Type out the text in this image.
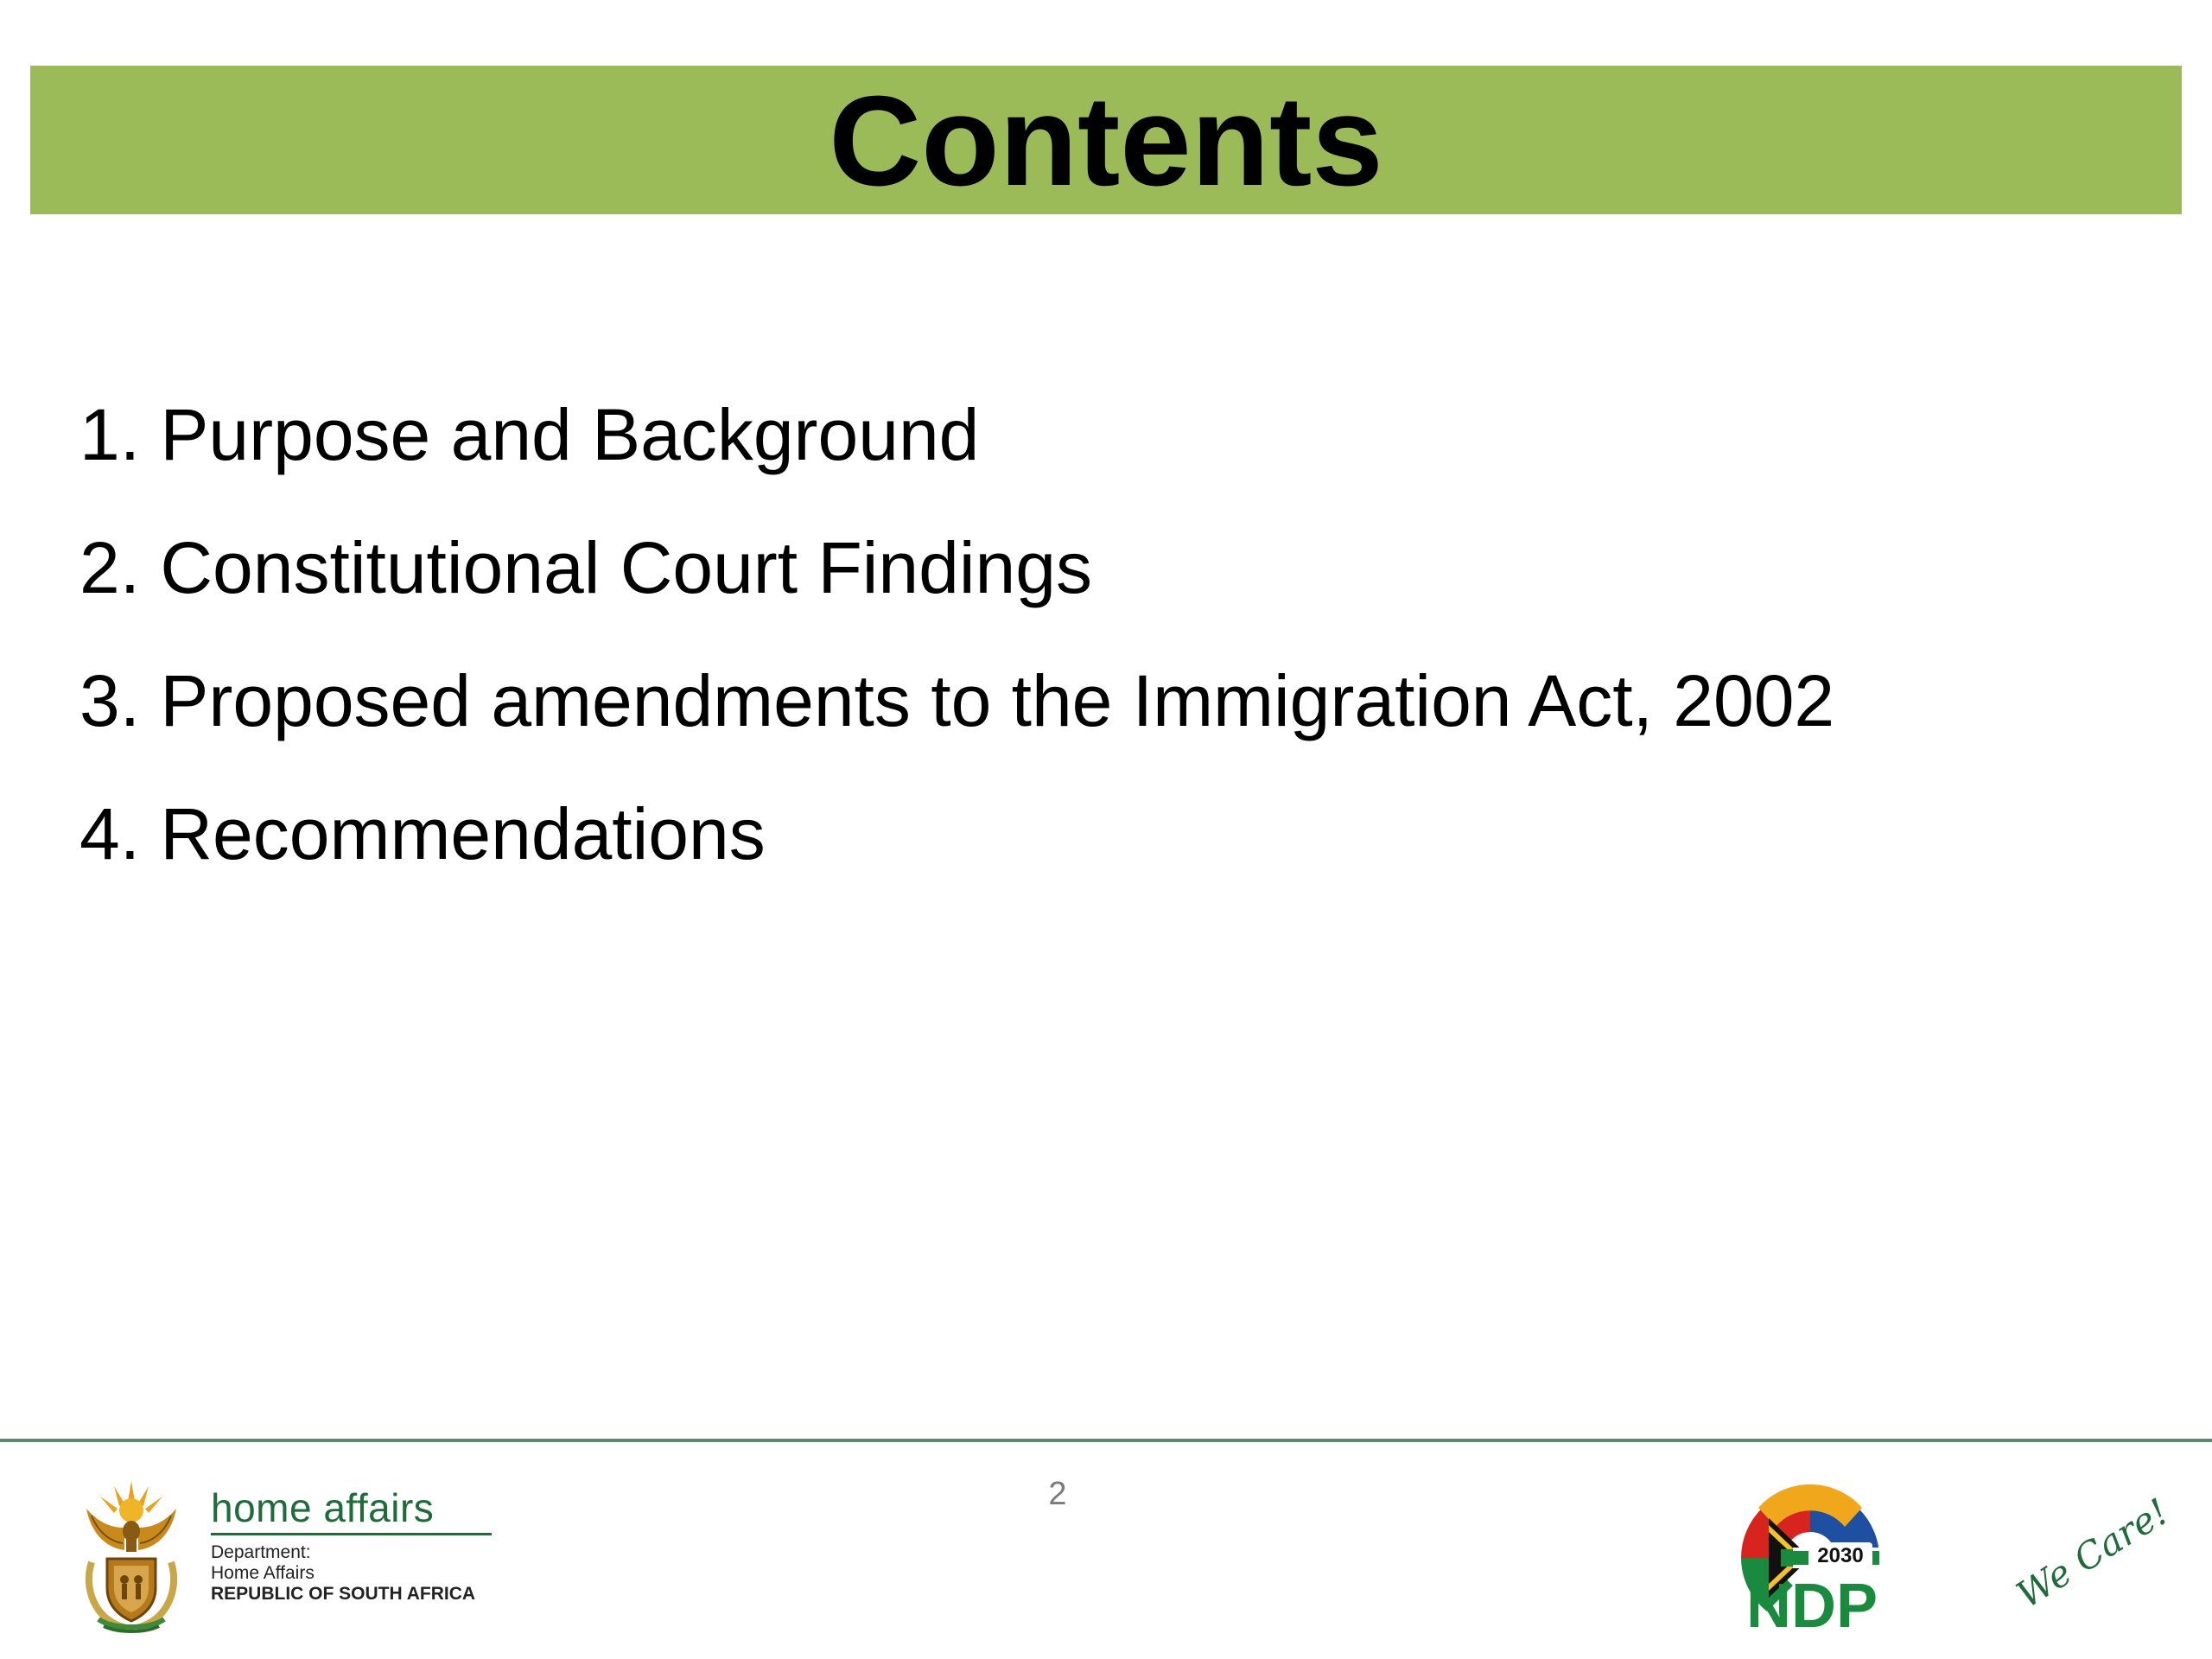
Contents
1. Purpose and Background
2. Constitutional Court Findings
3. Proposed amendments to the Immigration Act, 2002
4. Recommendations
2
home affairs
Department:
Home Affairs
REPUBLIC OF SOUTH AFRICA
2030
NDP	We Care!
